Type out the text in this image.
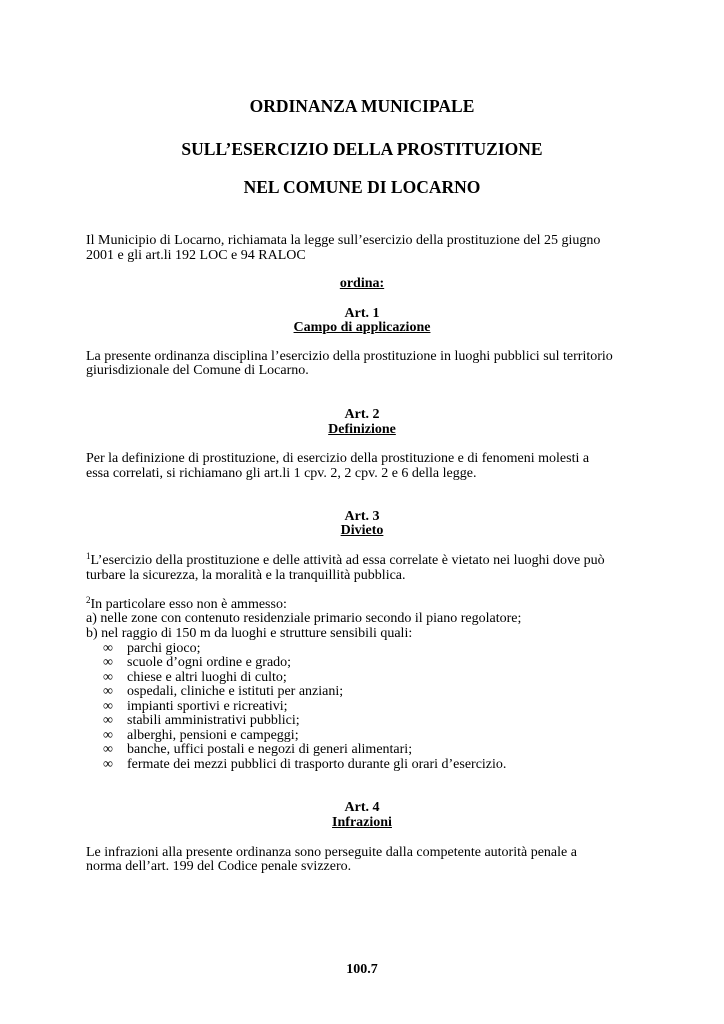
ORDINANZA MUNICIPALE

SULL’ESERCIZIO DELLA PROSTITUZIONE

NEL COMUNE DI LOCARNO

Il Municipio di Locarno, richiamata la legge sull’esercizio della prostituzione del 25 giugno

2001 e gli art.li 192 LOC e 94 RALOC

ordina:

Art. 1

Campo di applicazione

La presente ordinanza disciplina l’esercizio della prostituzione in luoghi pubblici sul territorio

giurisdizionale del Comune di Locarno.

Art. 2

Definizione

Per la definizione di prostituzione, di esercizio della prostituzione e di fenomeni molesti a

essa correlati, si richiamano gli art.li 1 cpv. 2, 2 cpv. 2 e 6 della legge.

Art. 3

Divieto

$^1$L’esercizio della prostituzione e delle attività ad essa correlate è vietato nei luoghi dove può

turbare la sicurezza, la moralità e la tranquillità pubblica.

$^2$In particolare esso non è ammesso:

a) nelle zone con contenuto residenziale primario secondo il piano regolatore;

b) nel raggio di 150 m da luoghi e strutture sensibili quali:

∞	parchi gioco;

∞	scuole d’ogni ordine e grado;

∞	chiese e altri luoghi di culto;

∞	ospedali, cliniche e istituti per anziani;

∞	impianti sportivi e ricreativi;

∞	stabili amministrativi pubblici;

∞	alberghi, pensioni e campeggi;

∞	banche, uffici postali e negozi di generi alimentari;

∞	fermate dei mezzi pubblici di trasporto durante gli orari d’esercizio.

Art. 4

Infrazioni

Le infrazioni alla presente ordinanza sono perseguite dalla competente autorità penale a

norma dell’art. 199 del Codice penale svizzero.

100.7
